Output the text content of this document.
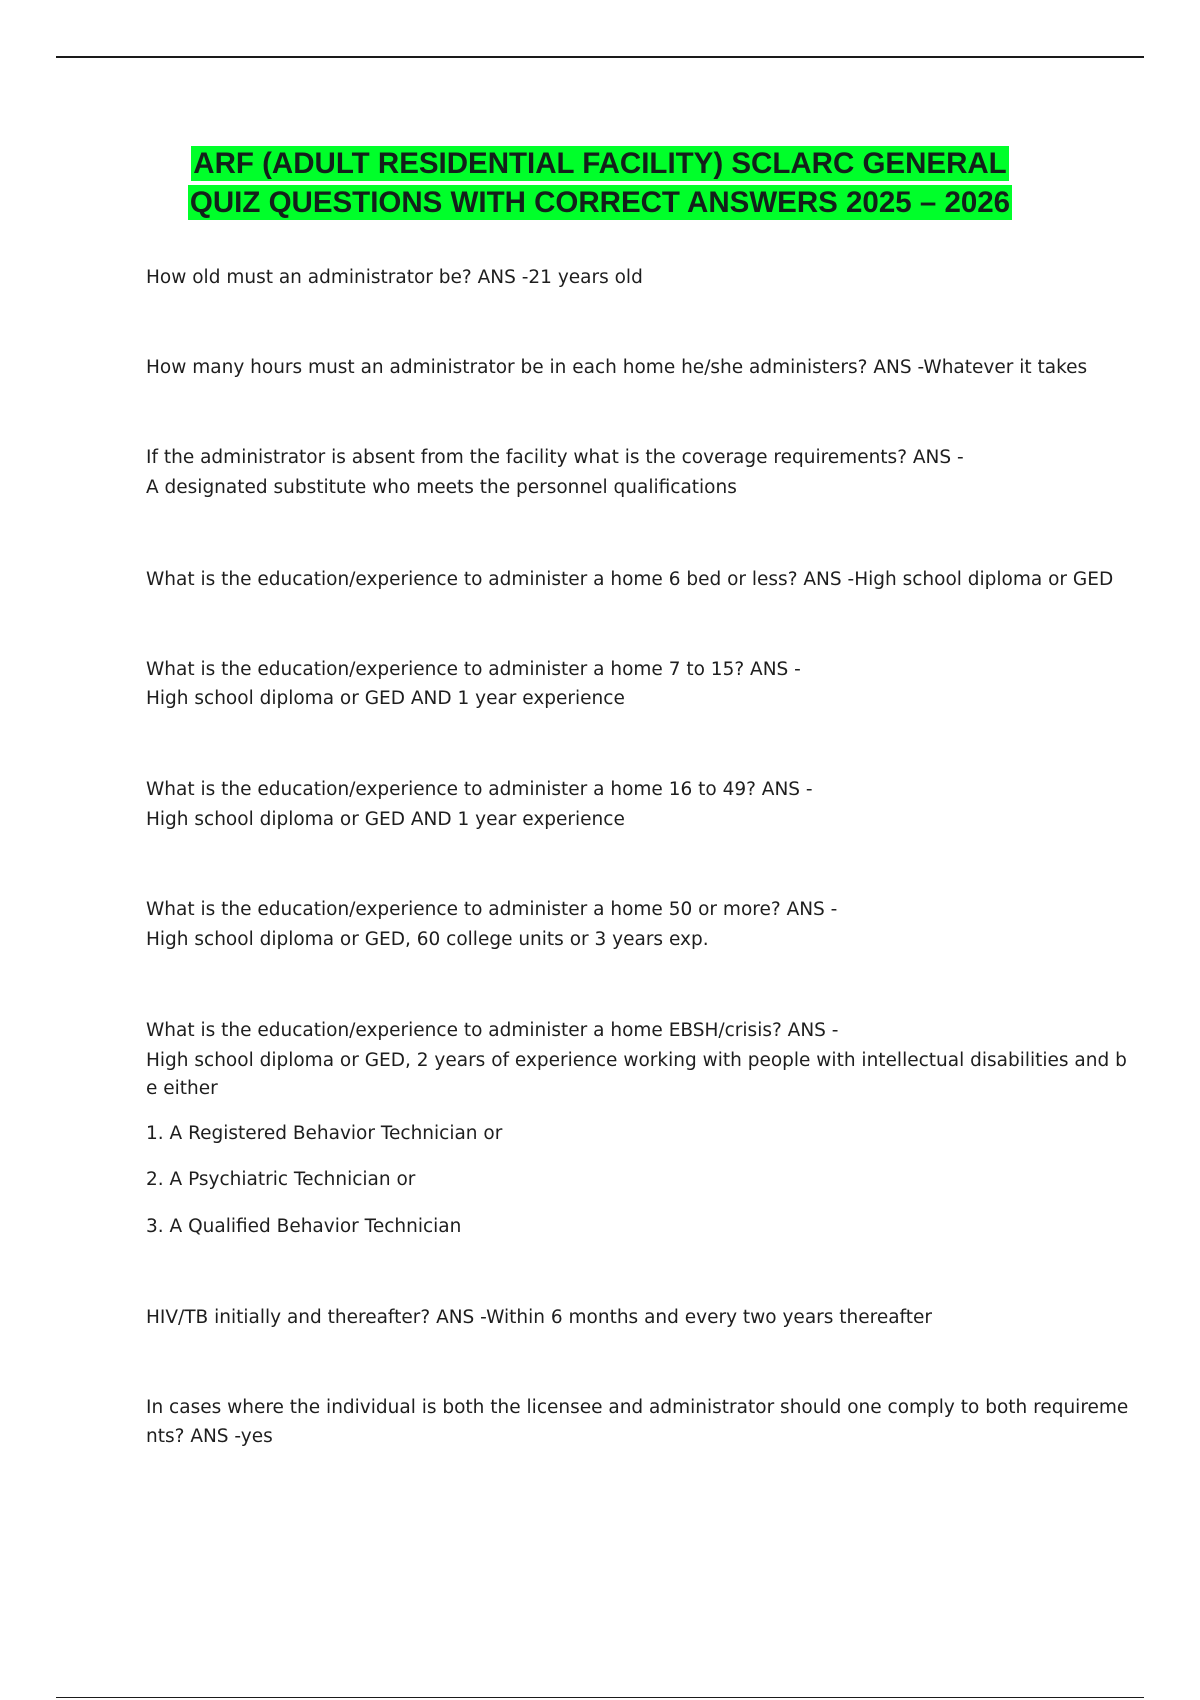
ARF (ADULT RESIDENTIAL FACILITY) SCLARC GENERAL
QUIZ QUESTIONS WITH CORRECT ANSWERS 2025 – 2026
How old must an administrator be? ANS -21 years old
How many hours must an administrator be in each home he/she administers? ANS -Whatever it takes
If the administrator is absent from the facility what is the coverage requirements? ANS -
A designated substitute who meets the personnel qualifications
What is the education/experience to administer a home 6 bed or less? ANS -High school diploma or GED
What is the education/experience to administer a home 7 to 15? ANS -
High school diploma or GED AND 1 year experience
What is the education/experience to administer a home 16 to 49? ANS -
High school diploma or GED AND 1 year experience
What is the education/experience to administer a home 50 or more? ANS -
High school diploma or GED, 60 college units or 3 years exp.
What is the education/experience to administer a home EBSH/crisis? ANS -
High school diploma or GED, 2 years of experience working with people with intellectual disabilities and b
e either
1. A Registered Behavior Technician or
2. A Psychiatric Technician or
3. A Qualified Behavior Technician
HIV/TB initially and thereafter? ANS -Within 6 months and every two years thereafter
In cases where the individual is both the licensee and administrator should one comply to both requireme
nts? ANS -yes
